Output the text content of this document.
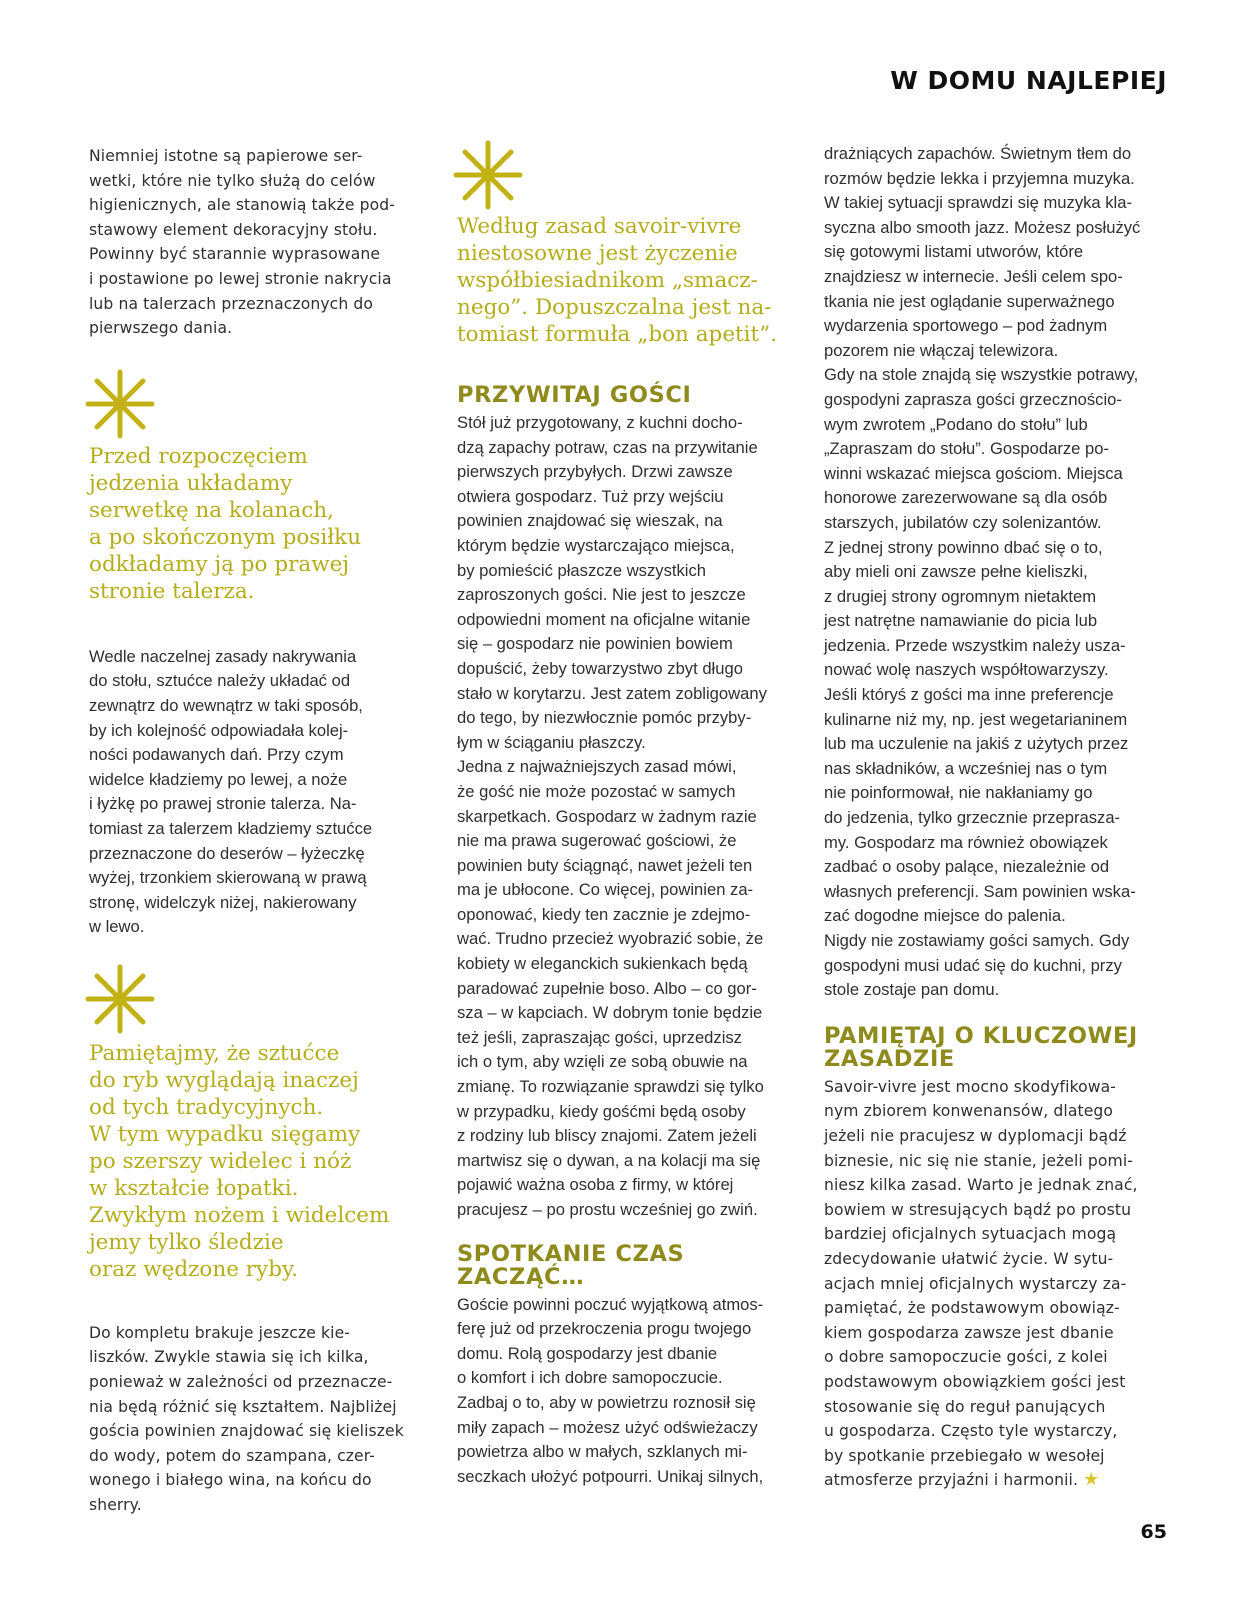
W DOMU NAJLEPIEJ

Niemniej istotne są papierowe ser-
wetki, które nie tylko służą do celów
higienicznych, ale stanowią także pod-
stawowy element dekoracyjny stołu.
Powinny być starannie wyprasowane
i postawione po lewej stronie nakrycia
lub na talerzach przeznaczonych do
pierwszego dania.

Przed rozpoczęciem
jedzenia układamy
serwetkę na kolanach,
a po skończonym posiłku
odkładamy ją po prawej
stronie talerza.

Wedle naczelnej zasady nakrywania
do stołu, sztućce należy układać od
zewnątrz do wewnątrz w taki sposób,
by ich kolejność odpowiadała kolej-
ności podawanych dań. Przy czym
widelce kładziemy po lewej, a noże
i łyżkę po prawej stronie talerza. Na-
tomiast za talerzem kładziemy sztućce
przeznaczone do deserów – łyżeczkę
wyżej, trzonkiem skierowaną w prawą
stronę, widelczyk niżej, nakierowany
w lewo.

Pamiętajmy, że sztućce
do ryb wyglądają inaczej
od tych tradycyjnych.
W tym wypadku sięgamy
po szerszy widelec i nóż
w kształcie łopatki.
Zwykłym nożem i widelcem
jemy tylko śledzie
oraz wędzone ryby.

Do kompletu brakuje jeszcze kie-
liszków. Zwykle stawia się ich kilka,
ponieważ w zależności od przeznacze-
nia będą różnić się kształtem. Najbliżej
gościa powinien znajdować się kieliszek
do wody, potem do szampana, czer-
wonego i białego wina, na końcu do
sherry.

Według zasad savoir-vivre
niestosowne jest życzenie
współbiesiadnikom „smacz-
nego”. Dopuszczalna jest na-
tomiast formuła „bon apetit”.

PRZYWITAJ GOŚCI

Stół już przygotowany, z kuchni docho-
dzą zapachy potraw, czas na przywitanie
pierwszych przybyłych. Drzwi zawsze
otwiera gospodarz. Tuż przy wejściu
powinien znajdować się wieszak, na
którym będzie wystarczająco miejsca,
by pomieścić płaszcze wszystkich
zaproszonych gości. Nie jest to jeszcze
odpowiedni moment na oficjalne witanie
się – gospodarz nie powinien bowiem
dopuścić, żeby towarzystwo zbyt długo
stało w korytarzu. Jest zatem zobligowany
do tego, by niezwłocznie pomóc przyby-
łym w ściąganiu płaszczy.
Jedna z najważniejszych zasad mówi,
że gość nie może pozostać w samych
skarpetkach. Gospodarz w żadnym razie
nie ma prawa sugerować gościowi, że
powinien buty ściągnąć, nawet jeżeli ten
ma je ubłocone. Co więcej, powinien za-
oponować, kiedy ten zacznie je zdejmo-
wać. Trudno przecież wyobrazić sobie, że
kobiety w eleganckich sukienkach będą
paradować zupełnie boso. Albo – co gor-
sza – w kapciach. W dobrym tonie będzie
też jeśli, zapraszając gości, uprzedzisz
ich o tym, aby wzięli ze sobą obuwie na
zmianę. To rozwiązanie sprawdzi się tylko
w przypadku, kiedy gośćmi będą osoby
z rodziny lub bliscy znajomi. Zatem jeżeli
martwisz się o dywan, a na kolacji ma się
pojawić ważna osoba z firmy, w której
pracujesz – po prostu wcześniej go zwiń.

SPOTKANIE CZAS
ZACZĄĆ…

Goście powinni poczuć wyjątkową atmos-
ferę już od przekroczenia progu twojego
domu. Rolą gospodarzy jest dbanie
o komfort i ich dobre samopoczucie.
Zadbaj o to, aby w powietrzu roznosił się
miły zapach – możesz użyć odświeżaczy
powietrza albo w małych, szklanych mi-
seczkach ułożyć potpourri. Unikaj silnych,

drażniących zapachów. Świetnym tłem do
rozmów będzie lekka i przyjemna muzyka.
W takiej sytuacji sprawdzi się muzyka kla-
syczna albo smooth jazz. Możesz posłużyć
się gotowymi listami utworów, które
znajdziesz w internecie. Jeśli celem spo-
tkania nie jest oglądanie superważnego
wydarzenia sportowego – pod żadnym
pozorem nie włączaj telewizora.
Gdy na stole znajdą się wszystkie potrawy,
gospodyni zaprasza gości grzecznościo-
wym zwrotem „Podano do stołu” lub
„Zapraszam do stołu”. Gospodarze po-
winni wskazać miejsca gościom. Miejsca
honorowe zarezerwowane są dla osób
starszych, jubilatów czy solenizantów.
Z jednej strony powinno dbać się o to,
aby mieli oni zawsze pełne kieliszki,
z drugiej strony ogromnym nietaktem
jest natrętne namawianie do picia lub
jedzenia. Przede wszystkim należy usza-
nować wolę naszych współtowarzyszy.
Jeśli któryś z gości ma inne preferencje
kulinarne niż my, np. jest wegetarianinem
lub ma uczulenie na jakiś z użytych przez
nas składników, a wcześniej nas o tym
nie poinformował, nie nakłaniamy go
do jedzenia, tylko grzecznie przeprasza-
my. Gospodarz ma również obowiązek
zadbać o osoby palące, niezależnie od
własnych preferencji. Sam powinien wska-
zać dogodne miejsce do palenia.
Nigdy nie zostawiamy gości samych. Gdy
gospodyni musi udać się do kuchni, przy
stole zostaje pan domu.

PAMIĘTAJ O KLUCZOWEJ
ZASADZIE

Savoir-vivre jest mocno skodyfikowa-
nym zbiorem konwenansów, dlatego
jeżeli nie pracujesz w dyplomacji bądź
biznesie, nic się nie stanie, jeżeli pomi-
niesz kilka zasad. Warto je jednak znać,
bowiem w stresujących bądź po prostu
bardziej oficjalnych sytuacjach mogą
zdecydowanie ułatwić życie. W sytu-
acjach mniej oficjalnych wystarczy za-
pamiętać, że podstawowym obowiąz-
kiem gospodarza zawsze jest dbanie
o dobre samopoczucie gości, z kolei
podstawowym obowiązkiem gości jest
stosowanie się do reguł panujących
u gospodarza. Często tyle wystarczy,
by spotkanie przebiegało w wesołej
atmosferze przyjaźni i harmonii. ★

65
